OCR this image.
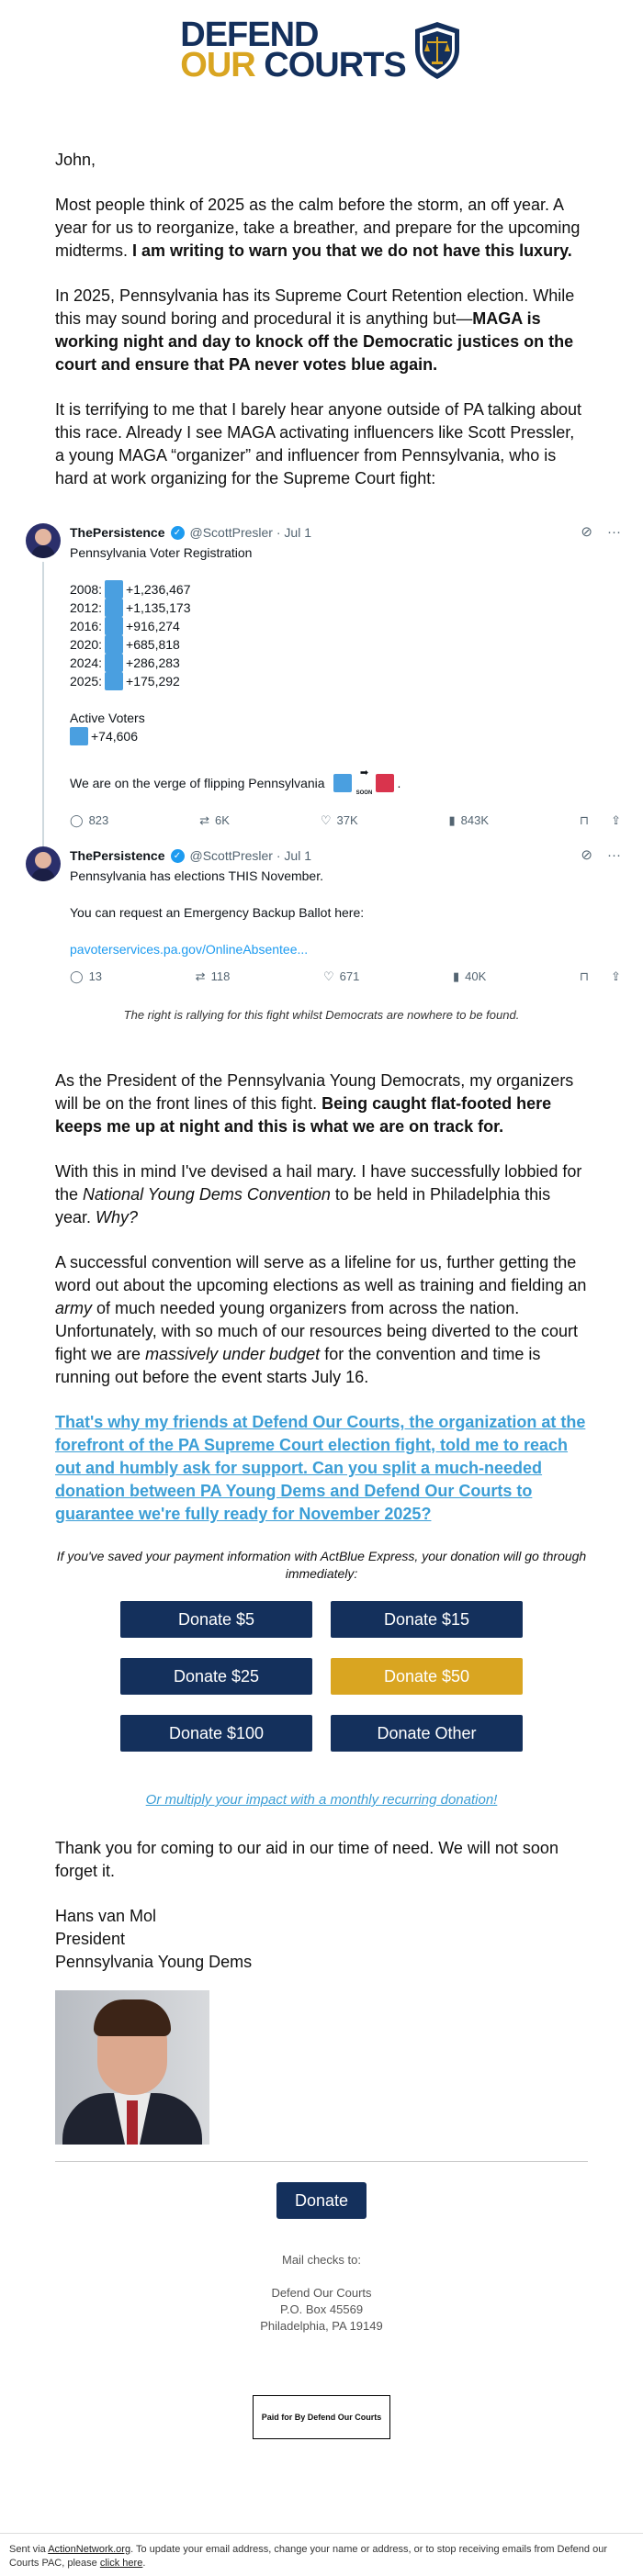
DEFEND
OUR COURTS

John,

Most people think of 2025 as the calm before the storm, an off year. A year for us to reorganize, take a breather, and prepare for the upcoming midterms. I am writing to warn you that we do not have this luxury.

In 2025, Pennsylvania has its Supreme Court Retention election. While this may sound boring and procedural it is anything but—MAGA is working night and day to knock off the Democratic justices on the court and ensure that PA never votes blue again.

It is terrifying to me that I barely hear anyone outside of PA talking about this race. Already I see MAGA activating influencers like Scott Pressler, a young MAGA “organizer” and influencer from Pennsylvania, who is hard at work organizing for the Supreme Court fight:

ThePersistence ✓ @ScottPresler · Jul 1	⊘ ···
Pennsylvania Voter Registration
2008: +1,236,467
2012: +1,135,173
2016: +916,274
2020: +685,818
2024: +286,283
2025: +175,292
Active Voters
+74,606
We are on the verge of flipping Pennsylvania

➡
SOON
.
◯ 823	⇄ 6K	♡ 37K	▮ 843K	⊓ ⇪
ThePersistence ✓ @ScottPresler · Jul 1	⊘ ···
Pennsylvania has elections THIS November.
You can request an Emergency Backup Ballot here:
pavoterservices.pa.gov/OnlineAbsentee...
◯ 13	⇄ 118	♡ 671	▮ 40K	⊓ ⇪
The right is rallying for this fight whilst Democrats are nowhere to be found.

As the President of the Pennsylvania Young Democrats, my organizers will be on the front lines of this fight. Being caught flat-footed here keeps me up at night and this is what we are on track for.

With this in mind I've devised a hail mary. I have successfully lobbied for the National Young Dems Convention to be held in Philadelphia this year. Why?

A successful convention will serve as a lifeline for us, further getting the word out about the upcoming elections as well as training and fielding an army of much needed young organizers from across the nation. Unfortunately, with so much of our resources being diverted to the court fight we are massively under budget for the convention and time is running out before the event starts July 16.

That's why my friends at Defend Our Courts, the organization at the forefront of the PA Supreme Court election fight, told me to reach out and humbly ask for support. Can you split a much-needed donation between PA Young Dems and Defend Our Courts to guarantee we're fully ready for November 2025?

If you've saved your payment information with ActBlue Express, your donation will go through immediately:
Donate $5	Donate $15
Donate $25	Donate $50
Donate $100	Donate Other
Or multiply your impact with a monthly recurring donation!

Thank you for coming to our aid in our time of need. We will not soon forget it.

Hans van Mol
President
Pennsylvania Young Dems
Donate
Mail checks to:
Defend Our Courts
P.O. Box 45569
Philadelphia, PA 19149
Paid for By Defend Our Courts
Sent via ActionNetwork.org. To update your email address, change your name or address, or to stop receiving emails from Defend our Courts PAC, please click here.
